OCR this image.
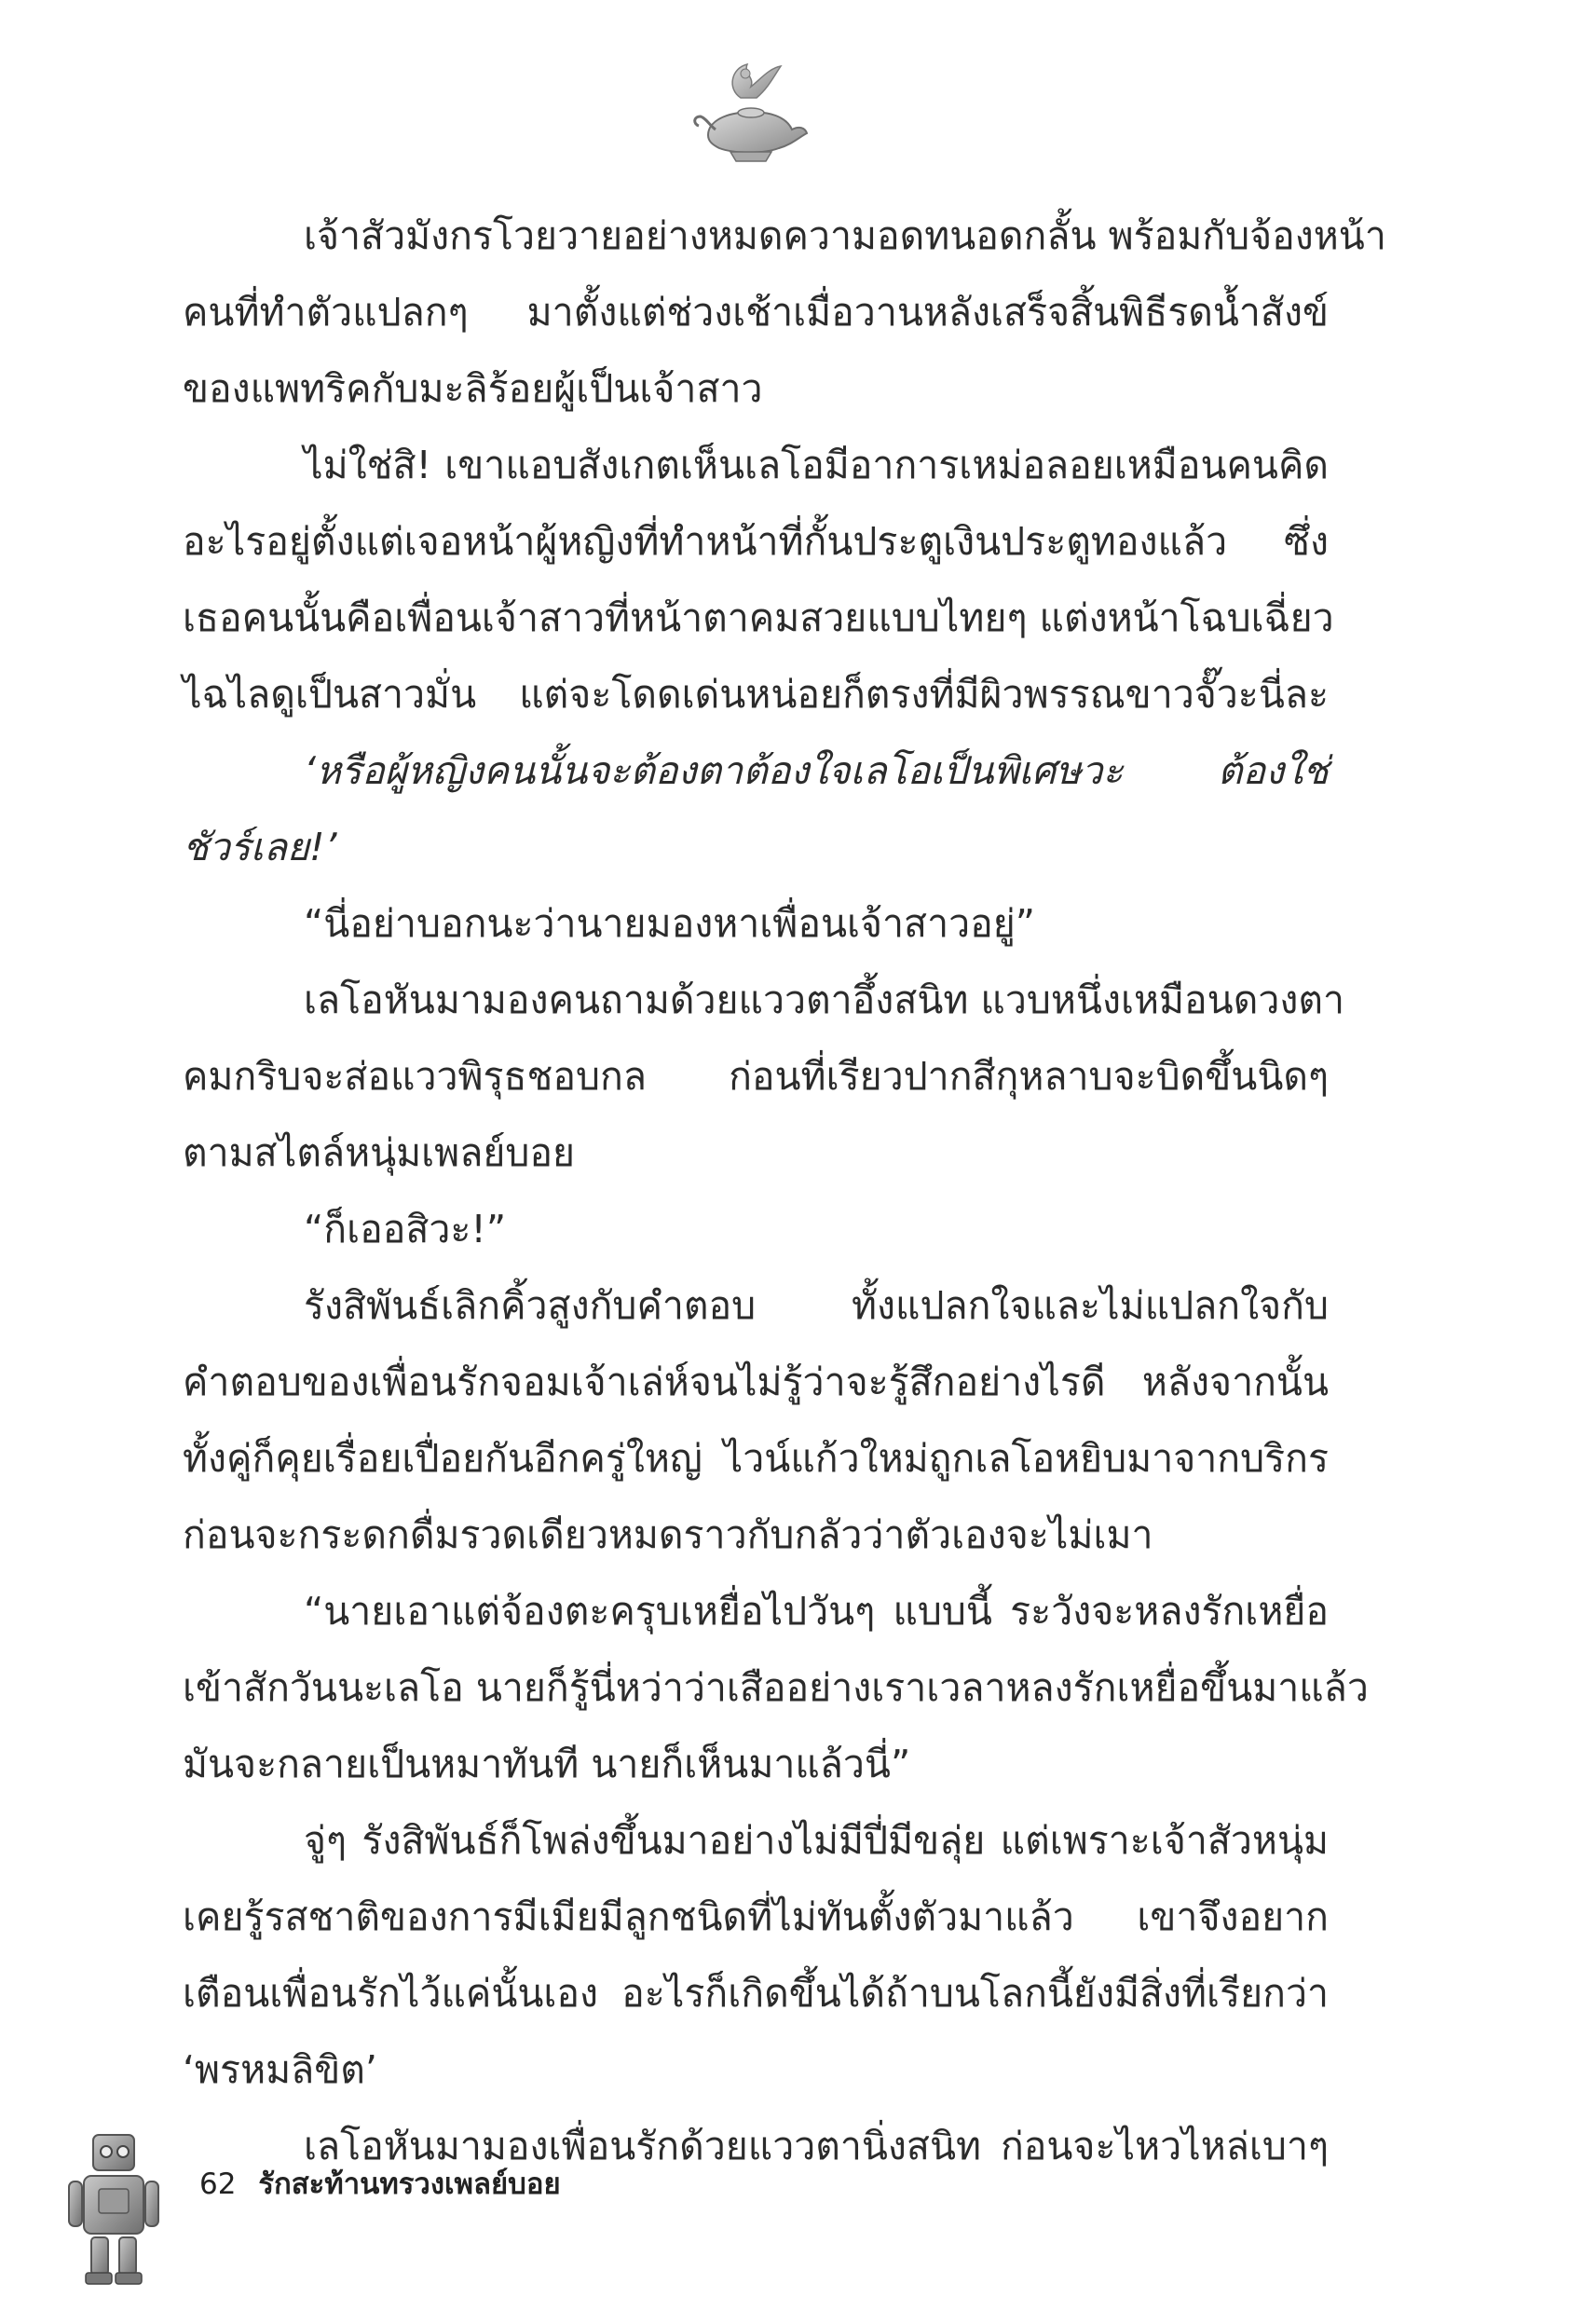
เจ้าสัวมังกรโวยวายอย่างหมดความอดทนอดกลั้น พร้อมกับจ้องหน้า
คนที่ทำตัวแปลกๆ มาตั้งแต่ช่วงเช้าเมื่อวานหลังเสร็จสิ้นพิธีรดน้ำสังข์
ของแพทริคกับมะลิร้อยผู้เป็นเจ้าสาว
ไม่ใช่สิ! เขาแอบสังเกตเห็นเลโอมีอาการเหม่อลอยเหมือนคนคิด
อะไรอยู่ตั้งแต่เจอหน้าผู้หญิงที่ทำหน้าที่กั้นประตูเงินประตูทองแล้ว ซึ่ง
เธอคนนั้นคือเพื่อนเจ้าสาวที่หน้าตาคมสวยแบบไทยๆ แต่งหน้าโฉบเฉี่ยว
ไฉไลดูเป็นสาวมั่น แต่จะโดดเด่นหน่อยก็ตรงที่มีผิวพรรณขาวจั๊วะนี่ละ
‘หรือผู้หญิงคนนั้นจะต้องตาต้องใจเลโอเป็นพิเศษวะ ต้องใช่
ชัวร์เลย!’
“นี่อย่าบอกนะว่านายมองหาเพื่อนเจ้าสาวอยู่”
เลโอหันมามองคนถามด้วยแววตาอึ้งสนิท แวบหนึ่งเหมือนดวงตา
คมกริบจะส่อแววพิรุธชอบกล ก่อนที่เรียวปากสีกุหลาบจะบิดขึ้นนิดๆ
ตามสไตล์หนุ่มเพลย์บอย
“ก็เออสิวะ!”
รังสิพันธ์เลิกคิ้วสูงกับคำตอบ ทั้งแปลกใจและไม่แปลกใจกับ
คำตอบของเพื่อนรักจอมเจ้าเล่ห์จนไม่รู้ว่าจะรู้สึกอย่างไรดี หลังจากนั้น
ทั้งคู่ก็คุยเรื่อยเปื่อยกันอีกครู่ใหญ่ ไวน์แก้วใหม่ถูกเลโอหยิบมาจากบริกร
ก่อนจะกระดกดื่มรวดเดียวหมดราวกับกลัวว่าตัวเองจะไม่เมา
“นายเอาแต่จ้องตะครุบเหยื่อไปวันๆ แบบนี้ ระวังจะหลงรักเหยื่อ
เข้าสักวันนะเลโอ นายก็รู้นี่หว่าว่าเสืออย่างเราเวลาหลงรักเหยื่อขึ้นมาแล้ว
มันจะกลายเป็นหมาทันที นายก็เห็นมาแล้วนี่”
จู่ๆ รังสิพันธ์ก็โพล่งขึ้นมาอย่างไม่มีปี่มีขลุ่ย แต่เพราะเจ้าสัวหนุ่ม
เคยรู้รสชาติของการมีเมียมีลูกชนิดที่ไม่ทันตั้งตัวมาแล้ว เขาจึงอยาก
เตือนเพื่อนรักไว้แค่นั้นเอง อะไรก็เกิดขึ้นได้ถ้าบนโลกนี้ยังมีสิ่งที่เรียกว่า
‘พรหมลิขิต’
เลโอหันมามองเพื่อนรักด้วยแววตานิ่งสนิท ก่อนจะไหวไหล่เบาๆ
62 รักสะท้านทรวงเพลย์บอย
